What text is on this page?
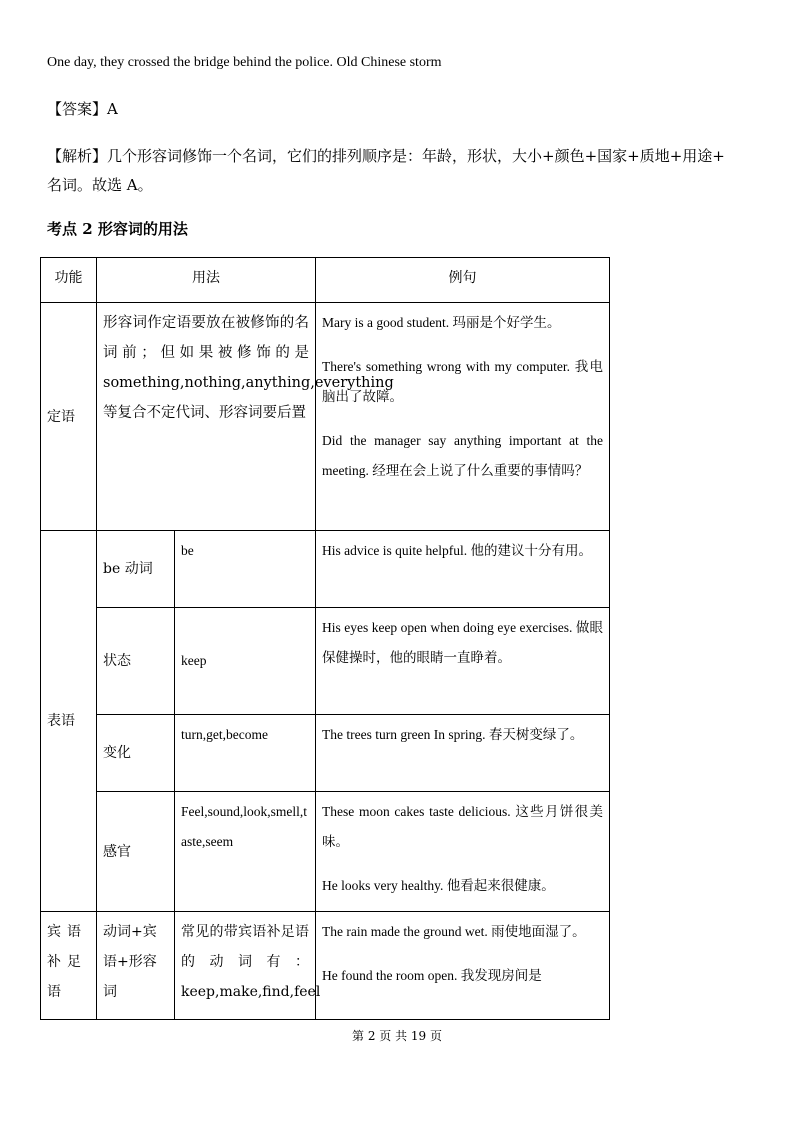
One day, they crossed the bridge behind the police. Old Chinese storm
【答案】A
【解析】几个形容词修饰一个名词，它们的排列顺序是：年龄，形状，大小+颜色+国家+质地+用途+
名词。故选 A。
考点 2 形容词的用法
功能	用法		例句
定语	形容词作定语要放在被修饰的名词前；但如果被修饰的是 something,nothing,anything,everything 等复合不定代词、形容词要后置		Mary is a good student. 玛丽是个好学生。
There's something wrong with my computer. 我电脑出了故障。
Did the manager say anything important at the meeting. 经理在会上说了什么重要的事情吗？

表语	be 动词	be	His advice is quite helpful. 他的建议十分有用。
	状态	keep	His eyes keep open when doing eye exercises. 做眼保健操时，他的眼睛一直睁着。
	变化	turn,get,become	The trees turn green In spring. 春天树变绿了。
	感官	Feel,sound,look,smell,taste,seem	These moon cakes taste delicious. 这些月饼很美味。
He looks very healthy. 他看起来很健康。

宾语补足语	动词+宾语+形容词	常见的带宾语补足语的动词有：keep,make,find,feel	The rain made the ground wet. 雨使地面湿了。
He found the room open. 我发现房间是
第 2 页 共 19 页
